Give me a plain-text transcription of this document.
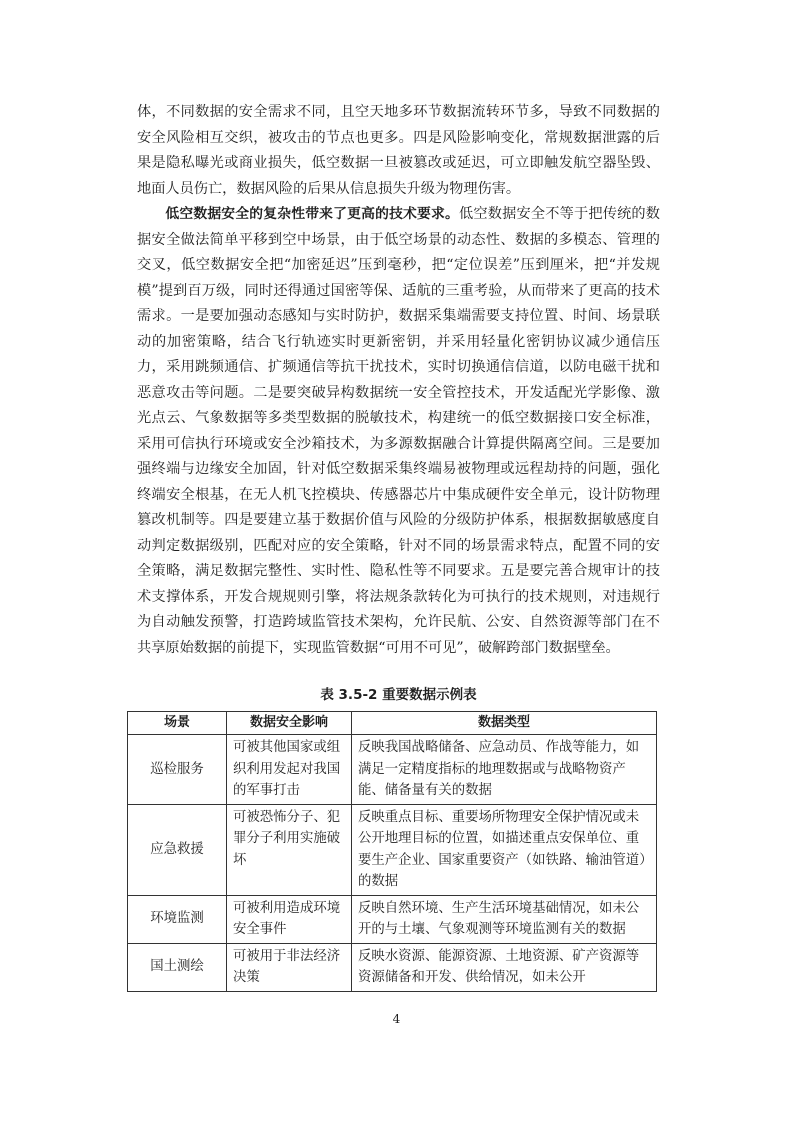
体，不同数据的安全需求不同，且空天地多环节数据流转环节多，导致不同数据的安全风险相互交织，被攻击的节点也更多。四是风险影响变化，常规数据泄露的后果是隐私曝光或商业损失，低空数据一旦被篡改或延迟，可立即触发航空器坠毁、地面人员伤亡，数据风险的后果从信息损失升级为物理伤害。

低空数据安全的复杂性带来了更高的技术要求。低空数据安全不等于把传统的数据安全做法简单平移到空中场景，由于低空场景的动态性、数据的多模态、管理的交叉，低空数据安全把“加密延迟”压到毫秒，把“定位误差”压到厘米，把“并发规模”提到百万级，同时还得通过国密等保、适航的三重考验，从而带来了更高的技术需求。一是要加强动态感知与实时防护，数据采集端需要支持位置、时间、场景联动的加密策略，结合飞行轨迹实时更新密钥，并采用轻量化密钥协议减少通信压力，采用跳频通信、扩频通信等抗干扰技术，实时切换通信信道，以防电磁干扰和恶意攻击等问题。二是要突破异构数据统一安全管控技术，开发适配光学影像、激光点云、气象数据等多类型数据的脱敏技术，构建统一的低空数据接口安全标准，采用可信执行环境或安全沙箱技术，为多源数据融合计算提供隔离空间。三是要加强终端与边缘安全加固，针对低空数据采集终端易被物理或远程劫持的问题，强化终端安全根基，在无人机飞控模块、传感器芯片中集成硬件安全单元，设计防物理篡改机制等。四是要建立基于数据价值与风险的分级防护体系，根据数据敏感度自动判定数据级别，匹配对应的安全策略，针对不同的场景需求特点，配置不同的安全策略，满足数据完整性、实时性、隐私性等不同要求。五是要完善合规审计的技术支撑体系，开发合规规则引擎，将法规条款转化为可执行的技术规则，对违规行为自动触发预警，打造跨域监管技术架构，允许民航、公安、自然资源等部门在不共享原始数据的前提下，实现监管数据“可用不可见”，破解跨部门数据壁垒。

表 3.5-2 重要数据示例表
场景	数据安全影响	数据类型
巡检服务	可被其他国家或组织利用发起对我国的军事打击	反映我国战略储备、应急动员、作战等能力，如满足一定精度指标的地理数据或与战略物资产能、储备量有关的数据
应急救援	可被恐怖分子、犯罪分子利用实施破坏	反映重点目标、重要场所物理安全保护情况或未公开地理目标的位置，如描述重点安保单位、重要生产企业、国家重要资产（如铁路、输油管道）的数据
环境监测	可被利用造成环境安全事件	反映自然环境、生产生活环境基础情况，如未公开的与土壤、气象观测等环境监测有关的数据
国土测绘	可被用于非法经济决策	反映水资源、能源资源、土地资源、矿产资源等资源储备和开发、供给情况，如未公开
4
